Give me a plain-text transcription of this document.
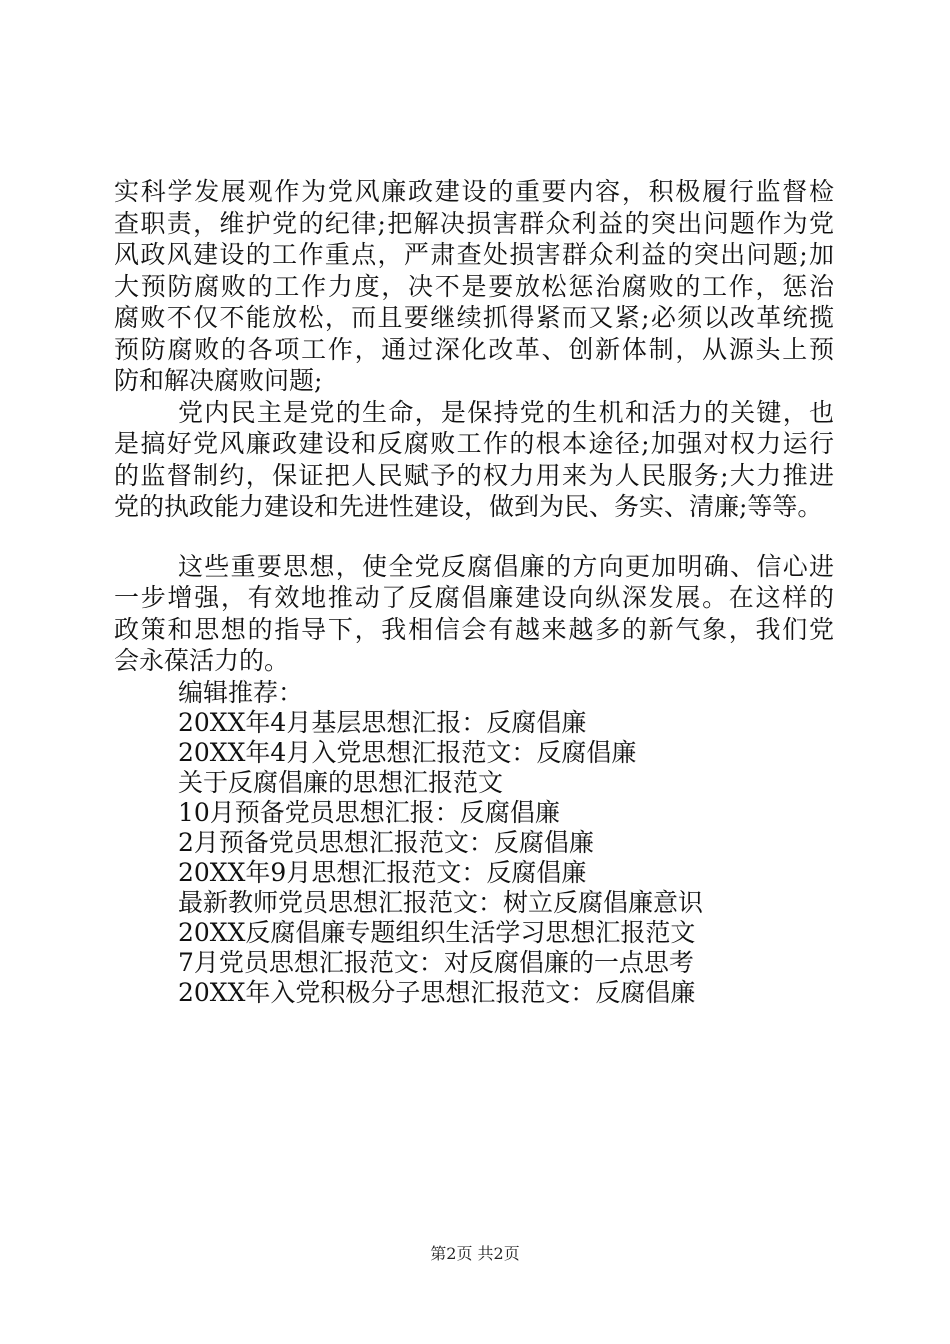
实科学发展观作为党风廉政建设的重要内容，积极履行监督检
查职责，维护党的纪律;把解决损害群众利益的突出问题作为党
风政风建设的工作重点，严肃查处损害群众利益的突出问题;加
大预防腐败的工作力度，决不是要放松惩治腐败的工作，惩治
腐败不仅不能放松，而且要继续抓得紧而又紧;必须以改革统揽
预防腐败的各项工作，通过深化改革、创新体制，从源头上预
防和解决腐败问题;

党内民主是党的生命，是保持党的生机和活力的关键，也
是搞好党风廉政建设和反腐败工作的根本途径;加强对权力运行
的监督制约，保证把人民赋予的权力用来为人民服务;大力推进
党的执政能力建设和先进性建设，做到为民、务实、清廉;等等。

这些重要思想，使全党反腐倡廉的方向更加明确、信心进
一步增强，有效地推动了反腐倡廉建设向纵深发展。在这样的
政策和思想的指导下，我相信会有越来越多的新气象，我们党
会永葆活力的。

编辑推荐：
20XX年4月基层思想汇报：反腐倡廉
20XX年4月入党思想汇报范文：反腐倡廉
关于反腐倡廉的思想汇报范文
10月预备党员思想汇报：反腐倡廉
2月预备党员思想汇报范文：反腐倡廉
20XX年9月思想汇报范文：反腐倡廉
最新教师党员思想汇报范文：树立反腐倡廉意识
20XX反腐倡廉专题组织生活学习思想汇报范文
7月党员思想汇报范文：对反腐倡廉的一点思考
20XX年入党积极分子思想汇报范文：反腐倡廉
第2页 共2页
